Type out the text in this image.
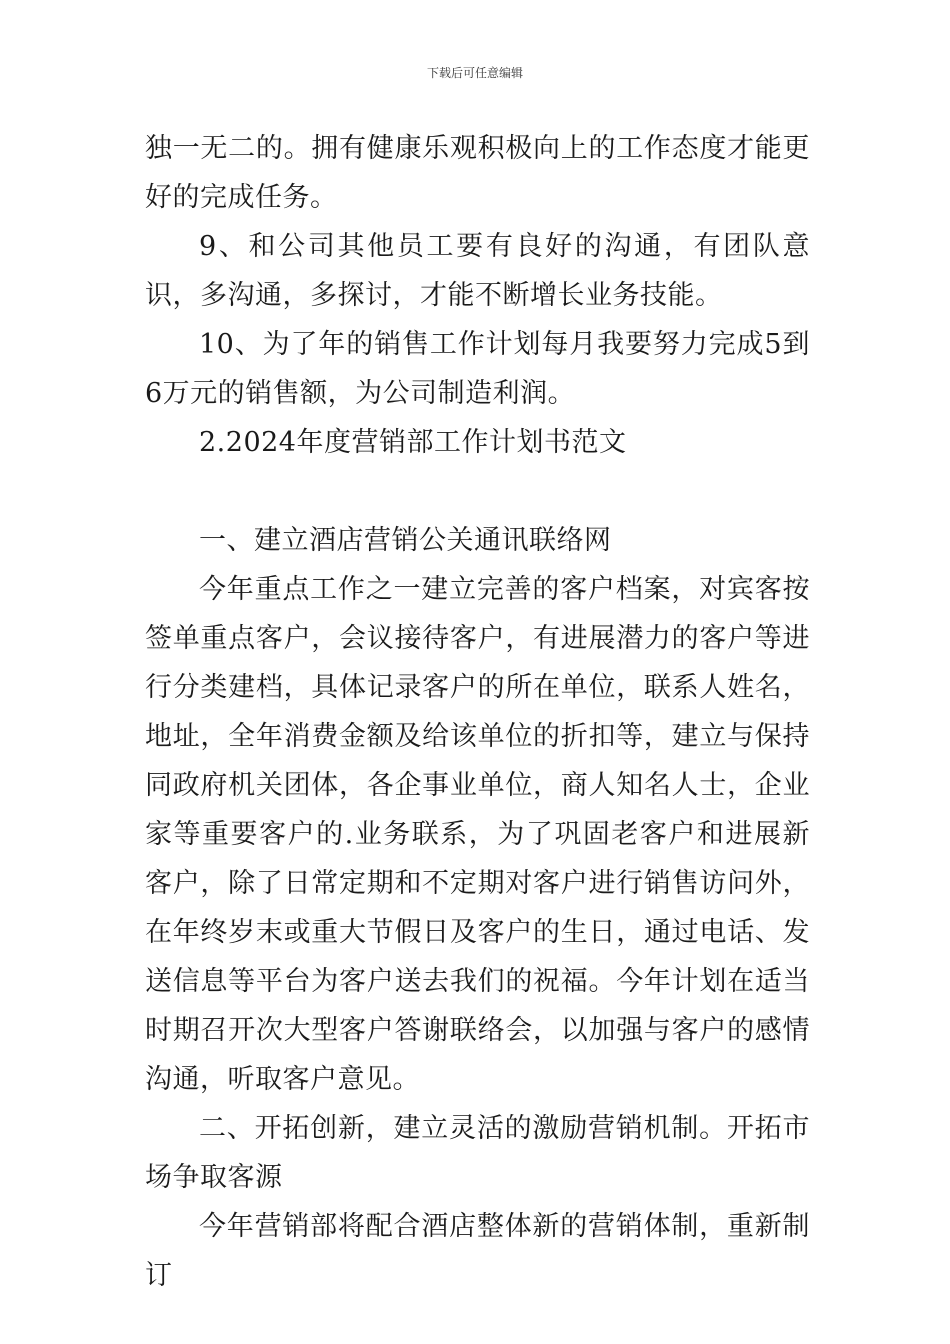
下载后可任意编辑

独一无二的。拥有健康乐观积极向上的工作态度才能更好的完成任务。

9、和公司其他员工要有良好的沟通，有团队意识，多沟通，多探讨，才能不断增长业务技能。

10、为了年的销售工作计划每月我要努力完成5到6万元的销售额，为公司制造利润。

2.2024年度营销部工作计划书范文

一、建立酒店营销公关通讯联络网

今年重点工作之一建立完善的客户档案，对宾客按签单重点客户，会议接待客户，有进展潜力的客户等进行分类建档，具体记录客户的所在单位，联系人姓名，地址，全年消费金额及给该单位的折扣等，建立与保持同政府机关团体，各企事业单位，商人知名人士，企业家等重要客户的.业务联系，为了巩固老客户和进展新客户，除了日常定期和不定期对客户进行销售访问外，在年终岁末或重大节假日及客户的生日，通过电话、发送信息等平台为客户送去我们的祝福。今年计划在适当时期召开次大型客户答谢联络会，以加强与客户的感情沟通，听取客户意见。

二、开拓创新，建立灵活的激励营销机制。开拓市场争取客源

今年营销部将配合酒店整体新的营销体制，重新制订
